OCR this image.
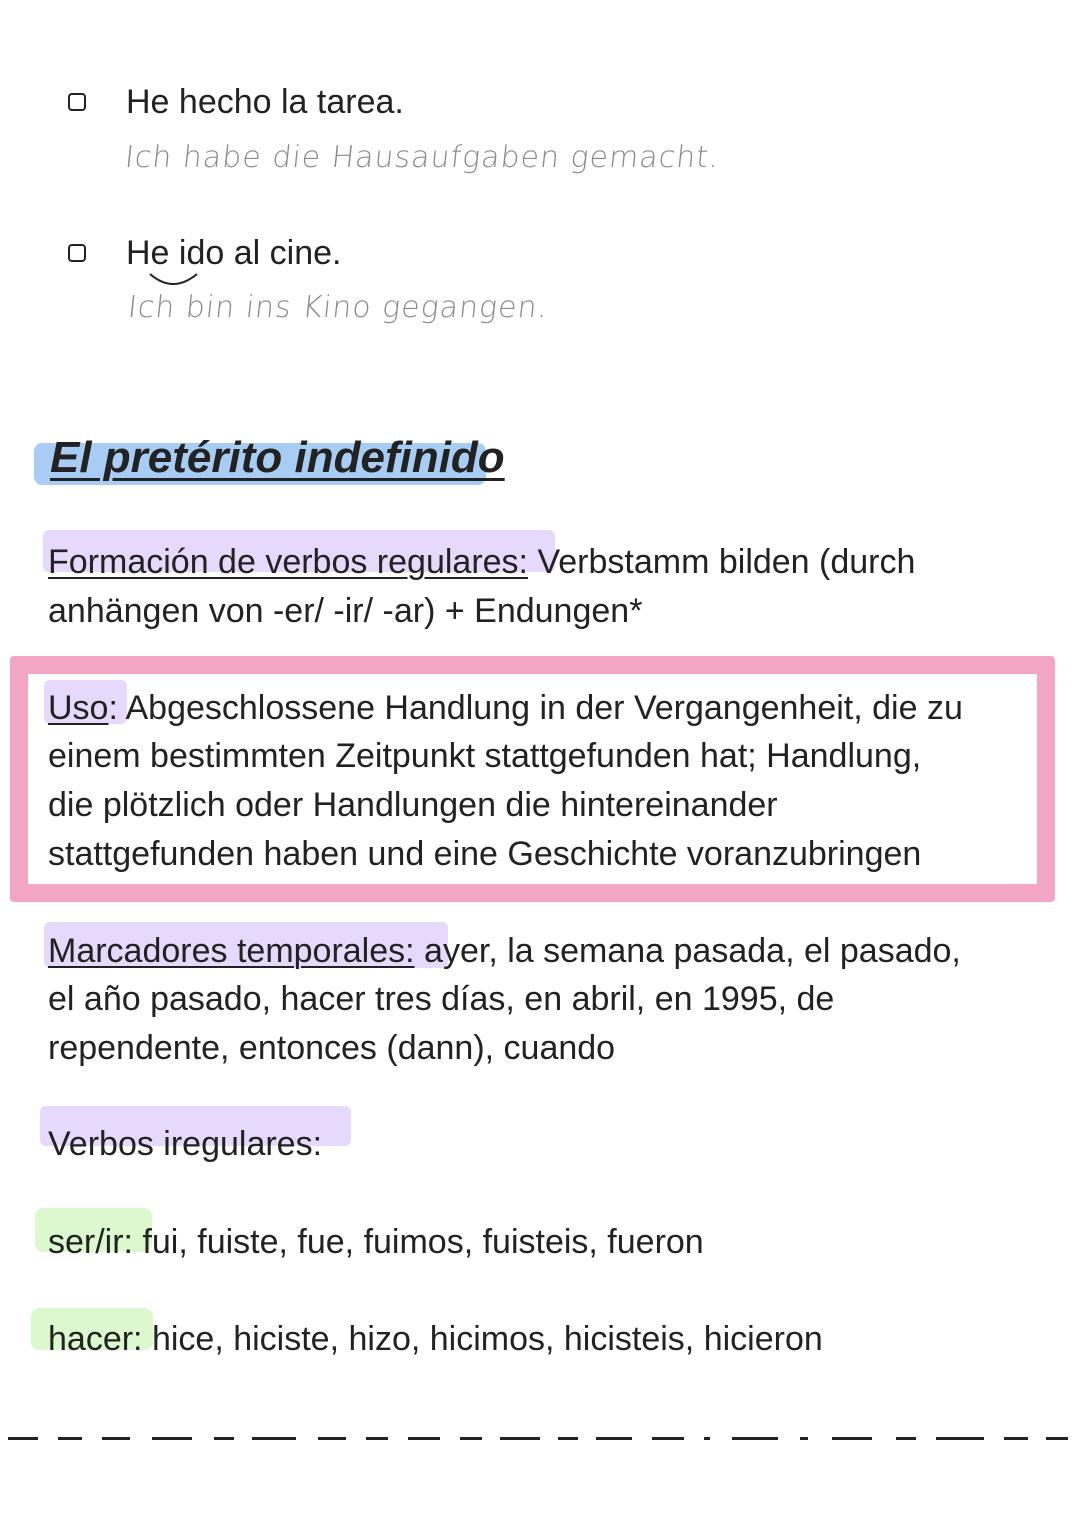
He hecho la tarea.
Ich habe die Hausaufgaben gemacht.
He ido al cine.
Ich bin ins Kino gegangen.
El pretérito indefinido
Formación de verbos regulares: Verbstamm bilden (durch
anhängen von -er/ -ir/ -ar) + Endungen*
Uso: Abgeschlossene Handlung in der Vergangenheit, die zu
einem bestimmten Zeitpunkt stattgefunden hat; Handlung,
die plötzlich oder Handlungen die hintereinander
stattgefunden haben und eine Geschichte voranzubringen
Marcadores temporales: ayer, la semana pasada, el pasado,
el año pasado, hacer tres días, en abril, en 1995, de
rependente, entonces (dann), cuando
Verbos iregulares:
ser/ir: fui, fuiste, fue, fuimos, fuisteis, fueron
hacer: hice, hiciste, hizo, hicimos, hicisteis, hicieron
